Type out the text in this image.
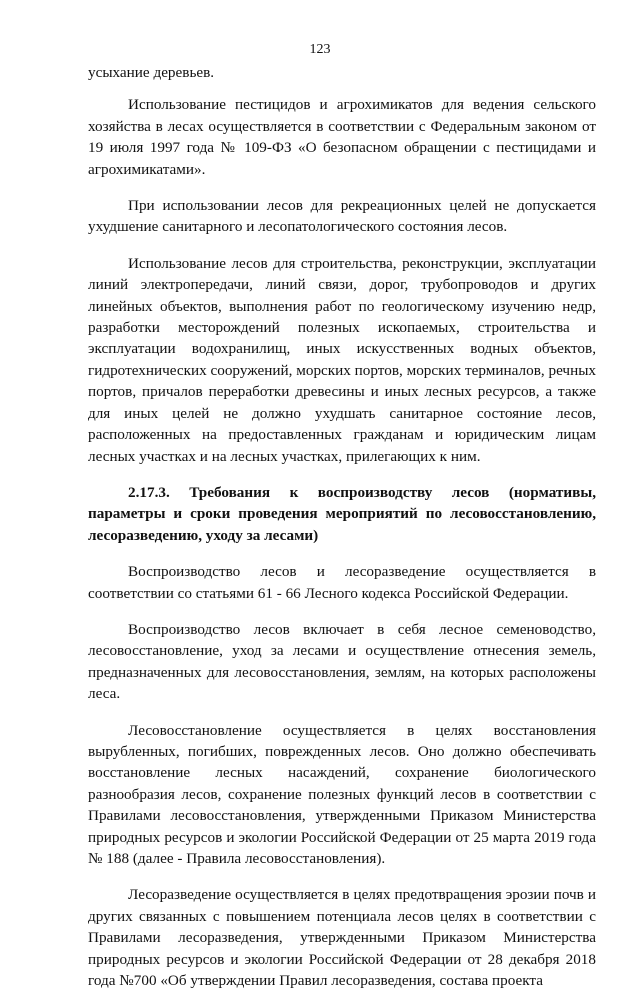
123

усыхание деревьев.

Использование пестицидов и агрохимикатов для ведения сельского хозяйства в лесах осуществляется в соответствии с Федеральным законом от 19 июля 1997 года № 109-ФЗ «О безопасном обращении с пестицидами и агрохимикатами».

При использовании лесов для рекреационных целей не допускается ухудшение санитарного и лесопатологического состояния лесов.

Использование лесов для строительства, реконструкции, эксплуатации линий электропередачи, линий связи, дорог, трубопроводов и других линейных объектов, выполнения работ по геологическому изучению недр, разработки месторождений полезных ископаемых, строительства и эксплуатации водохранилищ, иных искусственных водных объектов, гидротехнических сооружений, морских портов, морских терминалов, речных портов, причалов переработки древесины и иных лесных ресурсов, а также для иных целей не должно ухудшать санитарное состояние лесов, расположенных на предоставленных гражданам и юридическим лицам лесных участках и на лесных участках, прилегающих к ним.

2.17.3. Требования к воспроизводству лесов (нормативы, параметры и сроки проведения мероприятий по лесовосстановлению, лесоразведению, уходу за лесами)

Воспроизводство лесов и лесоразведение осуществляется в соответствии со статьями 61 - 66 Лесного кодекса Российской Федерации.

Воспроизводство лесов включает в себя лесное семеноводство, лесовосстановление, уход за лесами и осуществление отнесения земель, предназначенных для лесовосстановления, землям, на которых расположены леса.

Лесовосстановление осуществляется в целях восстановления вырубленных, погибших, поврежденных лесов. Оно должно обеспечивать восстановление лесных насаждений, сохранение биологического разнообразия лесов, сохранение полезных функций лесов в соответствии с Правилами лесовосстановления, утвержденными Приказом Министерства природных ресурсов и экологии Российской Федерации от 25 марта 2019 года № 188 (далее - Правила лесовосстановления).

Лесоразведение осуществляется в целях предотвращения эрозии почв и других связанных с повышением потенциала лесов целях в соответствии с Правилами лесоразведения, утвержденными Приказом Министерства природных ресурсов и экологии Российской Федерации от 28 декабря 2018 года №700 «Об утверждении Правил лесоразведения, состава проекта
